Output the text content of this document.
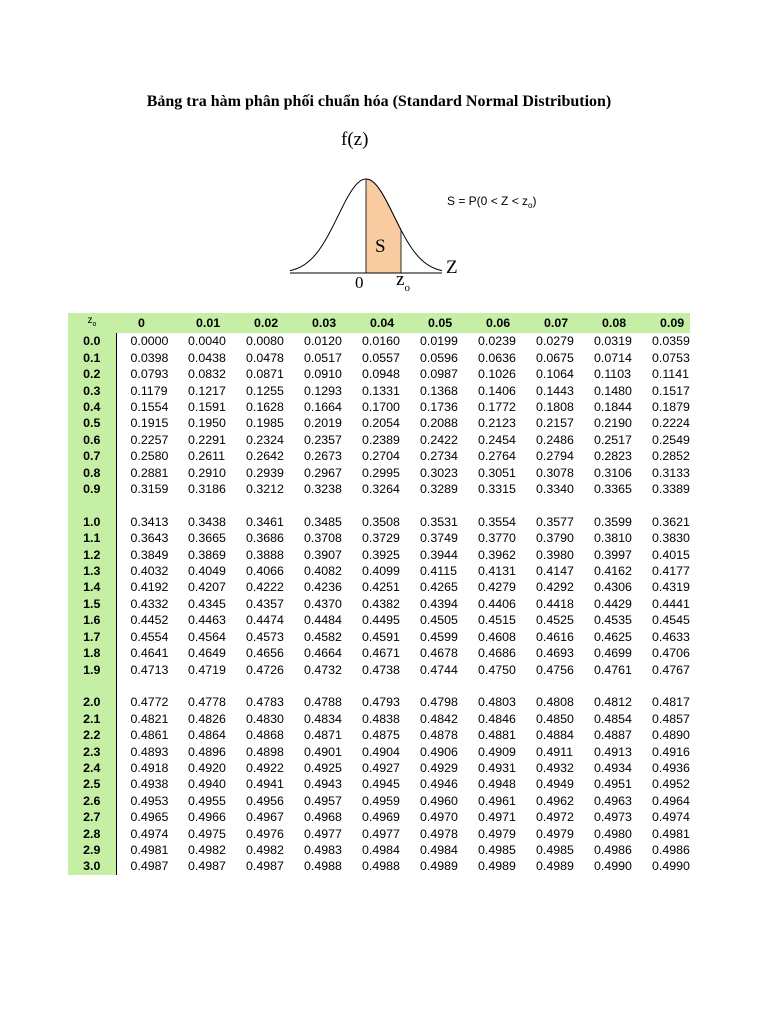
Bảng tra hàm phân phối chuẩn hóa (Standard Normal Distribution)
f(z)
S
Z
0 $z_o$
$S = P(0 < Z < z_o)$
$z_o$	0	0.01	0.02	0.03	0.04	0.05	0.06	0.07	0.08	0.09
0.0	0.0000	0.0040	0.0080	0.0120	0.0160	0.0199	0.0239	0.0279	0.0319	0.0359
0.1	0.0398	0.0438	0.0478	0.0517	0.0557	0.0596	0.0636	0.0675	0.0714	0.0753
0.2	0.0793	0.0832	0.0871	0.0910	0.0948	0.0987	0.1026	0.1064	0.1103	0.1141
0.3	0.1179	0.1217	0.1255	0.1293	0.1331	0.1368	0.1406	0.1443	0.1480	0.1517
0.4	0.1554	0.1591	0.1628	0.1664	0.1700	0.1736	0.1772	0.1808	0.1844	0.1879
0.5	0.1915	0.1950	0.1985	0.2019	0.2054	0.2088	0.2123	0.2157	0.2190	0.2224
0.6	0.2257	0.2291	0.2324	0.2357	0.2389	0.2422	0.2454	0.2486	0.2517	0.2549
0.7	0.2580	0.2611	0.2642	0.2673	0.2704	0.2734	0.2764	0.2794	0.2823	0.2852
0.8	0.2881	0.2910	0.2939	0.2967	0.2995	0.3023	0.3051	0.3078	0.3106	0.3133
0.9	0.3159	0.3186	0.3212	0.3238	0.3264	0.3289	0.3315	0.3340	0.3365	0.3389

1.0	0.3413	0.3438	0.3461	0.3485	0.3508	0.3531	0.3554	0.3577	0.3599	0.3621
1.1	0.3643	0.3665	0.3686	0.3708	0.3729	0.3749	0.3770	0.3790	0.3810	0.3830
1.2	0.3849	0.3869	0.3888	0.3907	0.3925	0.3944	0.3962	0.3980	0.3997	0.4015
1.3	0.4032	0.4049	0.4066	0.4082	0.4099	0.4115	0.4131	0.4147	0.4162	0.4177
1.4	0.4192	0.4207	0.4222	0.4236	0.4251	0.4265	0.4279	0.4292	0.4306	0.4319
1.5	0.4332	0.4345	0.4357	0.4370	0.4382	0.4394	0.4406	0.4418	0.4429	0.4441
1.6	0.4452	0.4463	0.4474	0.4484	0.4495	0.4505	0.4515	0.4525	0.4535	0.4545
1.7	0.4554	0.4564	0.4573	0.4582	0.4591	0.4599	0.4608	0.4616	0.4625	0.4633
1.8	0.4641	0.4649	0.4656	0.4664	0.4671	0.4678	0.4686	0.4693	0.4699	0.4706
1.9	0.4713	0.4719	0.4726	0.4732	0.4738	0.4744	0.4750	0.4756	0.4761	0.4767

2.0	0.4772	0.4778	0.4783	0.4788	0.4793	0.4798	0.4803	0.4808	0.4812	0.4817
2.1	0.4821	0.4826	0.4830	0.4834	0.4838	0.4842	0.4846	0.4850	0.4854	0.4857
2.2	0.4861	0.4864	0.4868	0.4871	0.4875	0.4878	0.4881	0.4884	0.4887	0.4890
2.3	0.4893	0.4896	0.4898	0.4901	0.4904	0.4906	0.4909	0.4911	0.4913	0.4916
2.4	0.4918	0.4920	0.4922	0.4925	0.4927	0.4929	0.4931	0.4932	0.4934	0.4936
2.5	0.4938	0.4940	0.4941	0.4943	0.4945	0.4946	0.4948	0.4949	0.4951	0.4952
2.6	0.4953	0.4955	0.4956	0.4957	0.4959	0.4960	0.4961	0.4962	0.4963	0.4964
2.7	0.4965	0.4966	0.4967	0.4968	0.4969	0.4970	0.4971	0.4972	0.4973	0.4974
2.8	0.4974	0.4975	0.4976	0.4977	0.4977	0.4978	0.4979	0.4979	0.4980	0.4981
2.9	0.4981	0.4982	0.4982	0.4983	0.4984	0.4984	0.4985	0.4985	0.4986	0.4986
3.0	0.4987	0.4987	0.4987	0.4988	0.4988	0.4989	0.4989	0.4989	0.4990	0.4990
